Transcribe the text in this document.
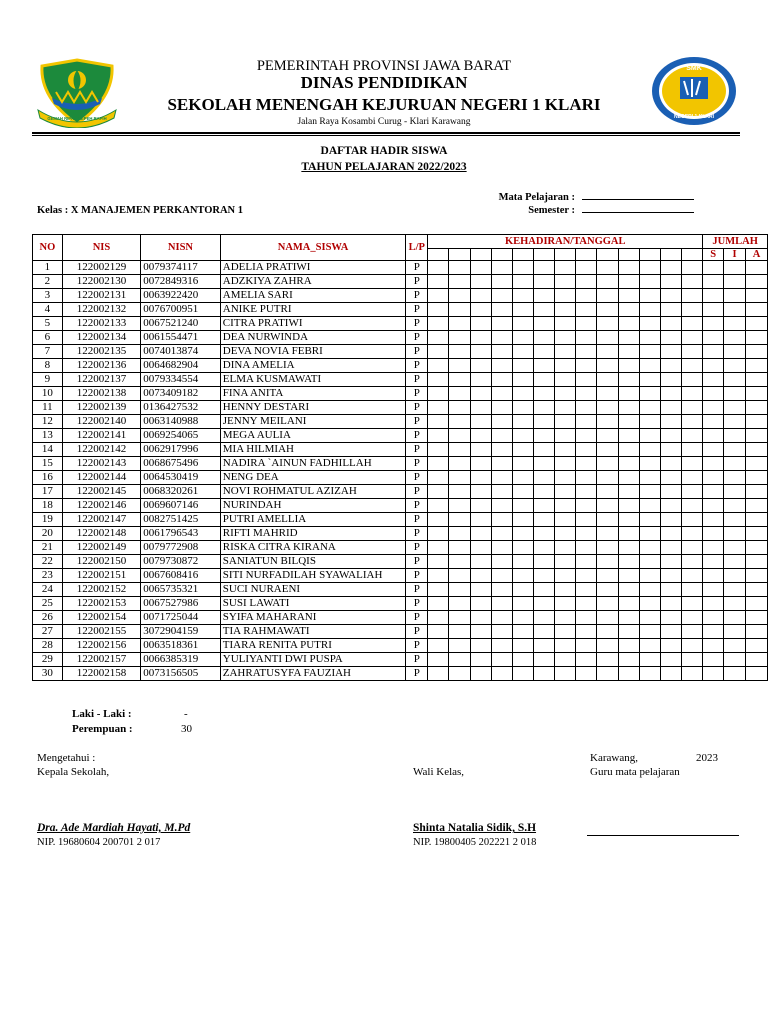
GEMAH RIPAH REPEH RAPIH
SMK
NEGERI 1 KLARI
PEMERINTAH PROVINSI JAWA BARAT
DINAS PENDIDIKAN
SEKOLAH MENENGAH KEJURUAN NEGERI 1 KLARI
Jalan Raya Kosambi Curug - Klari Karawang
DAFTAR HADIR SISWA
TAHUN PELAJARAN 2022/2023
Mata Pelajaran :
Kelas : X MANAJEMEN PERKANTORAN 1	Semester :
NO	NIS	NISN	NAMA_SISWA	L/P	KEHADIRAN/TANGGAL													JUMLAH		
																		S	I	A
1	122002129	0079374117	ADELIA PRATIWI	P																
2	122002130	0072849316	ADZKIYA ZAHRA	P																
3	122002131	0063922420	AMELIA SARI	P																
4	122002132	0076700951	ANIKE PUTRI	P																
5	122002133	0067521240	CITRA PRATIWI	P																
6	122002134	0061554471	DEA NURWINDA	P																
7	122002135	0074013874	DEVA NOVIA FEBRI	P																
8	122002136	0064682904	DINA AMELIA	P																
9	122002137	0079334554	ELMA KUSMAWATI	P																
10	122002138	0073409182	FINA ANITA	P																
11	122002139	0136427532	HENNY DESTARI	P																
12	122002140	0063140988	JENNY MEILANI	P																
13	122002141	0069254065	MEGA AULIA	P																
14	122002142	0062917996	MIA HILMIAH	P																
15	122002143	0068675496	NADIRA `AINUN FADHILLAH	P																
16	122002144	0064530419	NENG DEA	P																
17	122002145	0068320261	NOVI ROHMATUL AZIZAH	P																
18	122002146	0069607146	NURINDAH	P																
19	122002147	0082751425	PUTRI AMELLIA	P																
20	122002148	0061796543	RIFTI MAHRID	P																
21	122002149	0079772908	RISKA CITRA KIRANA	P																
22	122002150	0079730872	SANIATUN BILQIS	P																
23	122002151	0067608416	SITI NURFADILAH SYAWALIAH	P																
24	122002152	0065735321	SUCI NURAENI	P																
25	122002153	0067527986	SUSI LAWATI	P																
26	122002154	0071725044	SYIFA MAHARANI	P																
27	122002155	3072904159	TIA RAHMAWATI	P																
28	122002156	0063518361	TIARA RENITA PUTRI	P																
29	122002157	0066385319	YULIYANTI DWI PUSPA	P																
30	122002158	0073156505	ZAHRATUSYFA FAUZIAH	P																
Laki - Laki :	-
Perempuan :	30
Mengetahui :
Kepala Sekolah,	Wali Kelas,
Karawang,	2023
Guru mata pelajaran
Dra. Ade Mardiah Hayati, M.Pd
NIP. 19680604 200701 2 017
Shinta Natalia Sidik, S.H
NIP. 19800405 202221 2 018
